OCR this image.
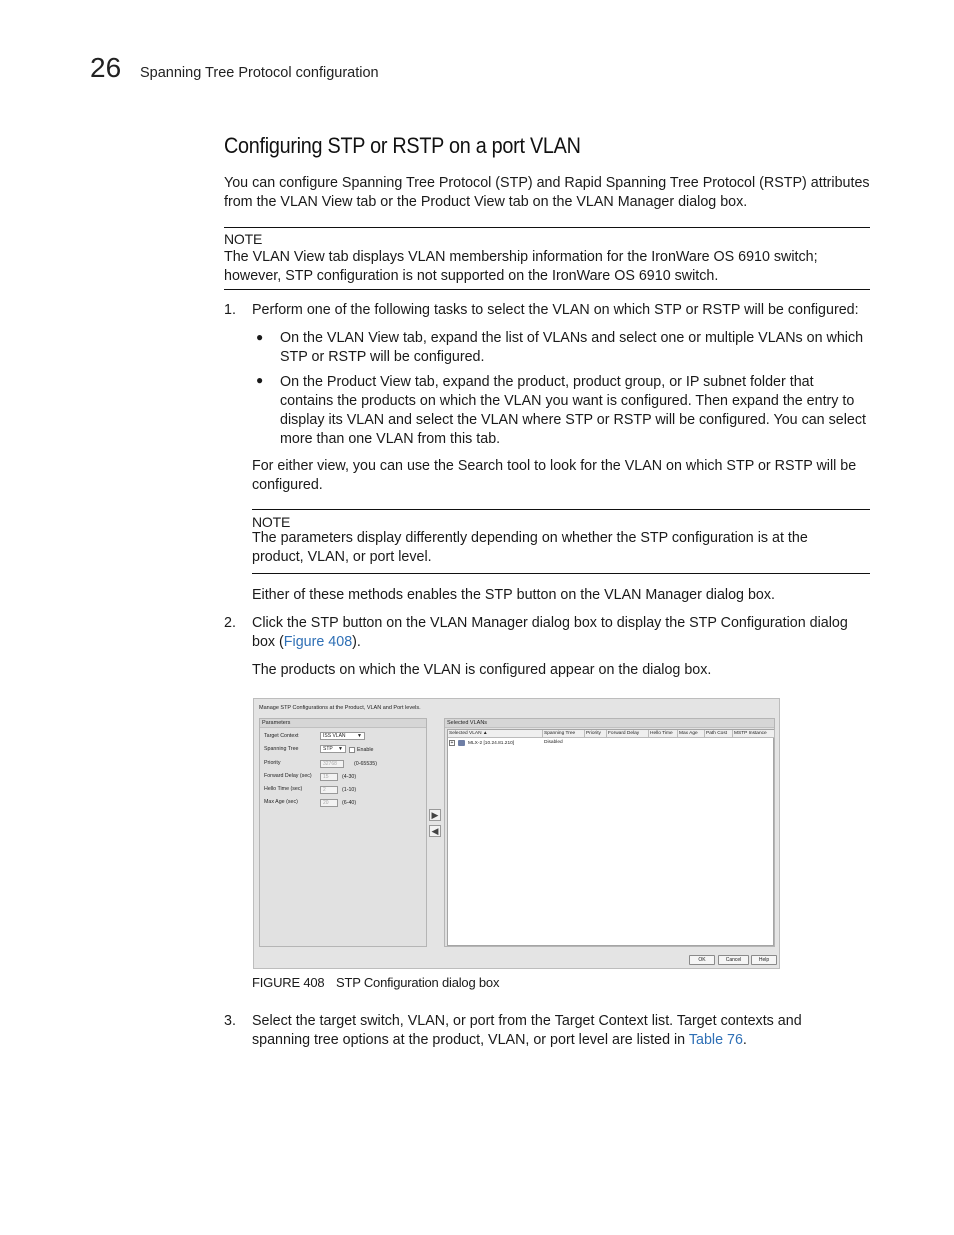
26 Spanning Tree Protocol configuration
Configuring STP or RSTP on a port VLAN
You can configure Spanning Tree Protocol (STP) and Rapid Spanning Tree Protocol (RSTP) attributes
from the VLAN View tab or the Product View tab on the VLAN Manager dialog box.
NOTE
The VLAN View tab displays VLAN membership information for the IronWare OS 6910 switch;
however, STP configuration is not supported on the IronWare OS 6910 switch.
1. Perform one of the following tasks to select the VLAN on which STP or RSTP will be configured:
● On the VLAN View tab, expand the list of VLANs and select one or multiple VLANs on which
STP or RSTP will be configured.
● On the Product View tab, expand the product, product group, or IP subnet folder that
contains the products on which the VLAN you want is configured. Then expand the entry to
display its VLAN and select the VLAN where STP or RSTP will be configured. You can select
more than one VLAN from this tab.
For either view, you can use the Search tool to look for the VLAN on which STP or RSTP will be
configured.
NOTE
The parameters display differently depending on whether the STP configuration is at the
product, VLAN, or port level.
Either of these methods enables the STP button on the VLAN Manager dialog box.
2. Click the STP button on the VLAN Manager dialog box to display the STP Configuration dialog
box (Figure 408).
The products on which the VLAN is configured appear on the dialog box.
Manage STP Configurations at the Product, VLAN and Port levels.
Parameters
Target Context	ISS VLAN ▼
Spanning Tree	STP ▼	Enable
Priority	32768	(0-65535)
Forward Delay (sec)	15	(4-30)
Hello Time (sec)	2	(1-10)
Max Age (sec)	20	(6-40)
▶
◀
Selected VLANs
Selected VLAN ▲	Spanning Tree	Priority	Forward Delay	Hello Time	Max Age	Path Cost	MSTP Instance
+	MLX-2 [10.24.81.210]	Disabled
OK	Cancel	Help
FIGURE 408 STP Configuration dialog box
3. Select the target switch, VLAN, or port from the Target Context list. Target contexts and
spanning tree options at the product, VLAN, or port level are listed in Table 76.
